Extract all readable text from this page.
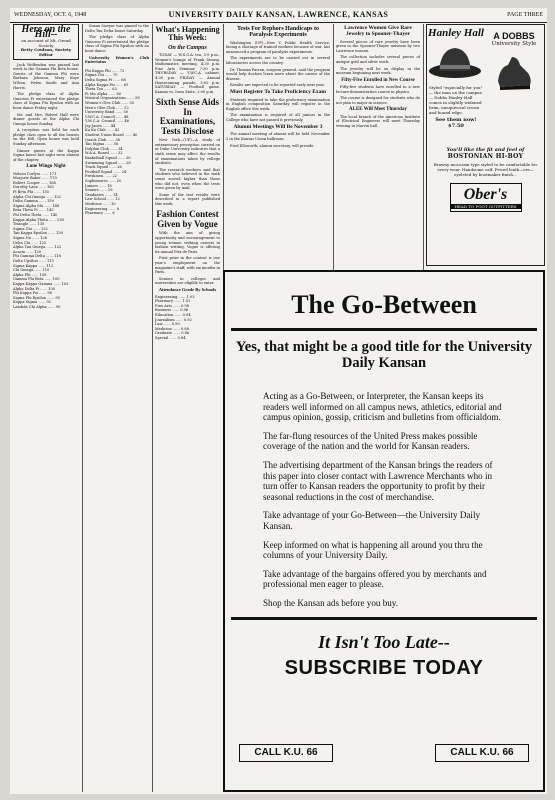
WEDNESDAY, OCT. 6, 1948	UNIVERSITY DAILY KANSAN, LAWRENCE, KANSAS	PAGE THREE
Here on the Hill--
on account of Mt. Oread Society
Betty Coulson, Society Editor

Jack Wolfenden was pinned last week to the Gamma Phi Beta house. Guests of the Gamma Phi were Barbara Johnson, Mary Kaye Wilson, Helen Smith and Ann Harris.

The pledge class of Alpha Omicron Pi entertained the pledge class of Sigma Phi Epsilon with an hour dance Friday night.

Mr. and Mrs. Robert Hall were dinner guests at the Alpha Chi Omega house Sunday.

A reception was held for each pledge class open to all the houses on the Hill. Open house was held Sunday afternoon.

Dinner guests at the Kappa Sigma house last night were alumni of the chapter.

Lone Wingo Night
Nelson Corlyss ...... 171
Marjorie Baker ...... 170
Robert Cooper ...... 168
Dorothy Lane ...... 165
Pi Beta Phi ...... 155
Alpha Chi Omega ...... 152
Delta Gamma ...... 150
Sigma Alpha Mu ...... 148
Beta Theta Pi ...... 145
Phi Delta Theta ...... 140
Kappa Alpha Theta ...... 138
Triangle ...... 135
Sigma Chi ...... 132
Tau Kappa Epsilon ...... 130
Sigma Nu ...... 128
Delta Chi ...... 125
Alpha Tau Omega ...... 122
Acacia ...... 120
Phi Gamma Delta ...... 118
Delta Upsilon ...... 115
Sigma Kappa ...... 112
Chi Omega ...... 110
Alpha Phi ...... 108
Gamma Phi Beta ...... 105
Kappa Kappa Gamma ...... 102
Alpha Delta Pi ...... 100
Phi Kappa Psi ...... 98
Sigma Phi Epsilon ...... 95
Kappa Sigma ...... 92
Lambda Chi Alpha ...... 90

Susan Sawyer was pinned to the Delta Tau Delta house Saturday.

The pledge class of Alpha Omicron Pi entertained the pledge class of Sigma Phi Epsilon with an hour dance.

University Women's Club Entertains

Phi Kappa Phi ...... 72
Sigma Chi ...... 70
Delta Sigma Pi ...... 68
Alpha Kappa Psi ...... 65
Theta Tau ...... 63
Pi Mu Alpha ...... 60
Musical Organizations ...... 58
Women's Glee Club ...... 55
Men's Glee Club ...... 52
University Band ...... 50
Y.W.C.A. Council ...... 48
Y.M.C.A. Council ...... 46
Jay Janes ...... 44
Ku Ku Club ...... 42
Student Union Board ...... 40
Quack Club ...... 38
Tau Sigma ...... 36
Dolphin Club ...... 34
W.A.A. Board ...... 32
Basketball Squad ...... 30
Swimming Squad ...... 28
Track Squad ...... 26
Football Squad ...... 24
Freshmen ...... 22
Sophomores ...... 20
Juniors ...... 18
Seniors ...... 16
Graduates ...... 14
Law School ...... 12
Medicine ...... 10
Engineering ...... 8
Pharmacy ...... 6
What's Happening This Week:
On the Campus

TODAY — W.S.G.A. tea, 3-5 p.m., Women's lounge of Frank Strong. Mathematics meeting, 4:30 p.m. Fine Arts Seminar, 7:30 p.m. THURSDAY — Y.W.C.A. cabinet, 4:30 p.m. FRIDAY — Annual Homecoming parade, 3:00 p.m. SATURDAY — Football game, Kansas vs. Iowa State, 2:00 p.m.

Sixth Sense Aids In Examinations, Tests Disclose

New York—(UP)—A study of extrasensory perception carried on at Duke University indicates that a sixth sense may affect the results of examinations taken by college students.

The research workers said that students who believed in the sixth sense scored higher than those who did not, even when the tests were given by mail.

Some of the test results were described in a report published this week.

Fashion Contest Given by Vogue

With the aim of giving opportunity and encouragement to young women seeking careers in fashion writing, Vogue is offering its annual Prix de Paris.

First prize in the contest is one year's employment on the magazine's staff, with six months in Paris.

Seniors in colleges and universities are eligible to enter.

Attendance Grade By Schools
Engineering ...... 1.03
Pharmacy ...... 1.01
Fine Arts ...... 0.98
Business ...... 0.96
Education ...... 0.94
Journalism ...... 0.92
Law ...... 0.90
Medicine ...... 0.88
Graduate ...... 0.86
Special ...... 0.84
Tests For Rephors Handicaps to Paralysis Experiments

Washington (UP)—New Y. Public Health Service, facing a shortage of trained workers because of war, has announced a program of paralysis experiments.

The experiments are to be carried out in several laboratories across the country.

Dr. Thomas Parran, surgeon general, said the program would help doctors learn more about the causes of the disease.

Results are expected to be reported early next year.

Must Register To Take Proficiency Exam

Students required to take the proficiency examination in English composition Saturday will register in the English office this week.

The examination is required of all juniors in the College who have not passed it previously.

Alumni Meetings Will Be November 3

The annual meeting of alumni will be held November 3 in the Kansas Union ballroom.

Fred Ellsworth, alumni secretary, will preside.

Lawrence Women Give Rare Jewelry to Spooner-Thayer

Several pieces of rare jewelry have been given to the Spooner-Thayer museum by two Lawrence women.

The collection includes several pieces of antique gold and silver work.

The jewelry will be on display in the museum beginning next week.

Fifty-Five Enrolled in New Course

Fifty-five students have enrolled in a new lecture-demonstration course in physics.

The course is designed for students who do not plan to major in science.

ALEE Will Meet Thursday

The local branch of the American Institute of Electrical Engineers will meet Thursday evening in Marvin hall.

Hanley Hall
Styled "especially for you" — the man on the campus — Dobbs Hanley Hall comes in slightly widened brim, unequivocal crown and bound edge.
See them now! $7.50
A DOBBS
University Style
You'll like the fit and feel of
BOSTONIAN HI-BOY
Brawny moccasin type styled to be comfortable for every wear. Handsome calf. Priced leath—ers—eyeleted by bootmaker finish...
Ober's
HEAD TO FOOT OUTFITTERS
The Go-Between
Yes, that might be a good title for the University Daily Kansan

Acting as a Go-Between, or Interpreter, the Kansan keeps its readers well informed on all campus news, athletics, editorial and campus opinion, gossip, criticism and bulletins from officialdom.

The far-flung resources of the United Press makes possible coverage of the nation and the world for Kansan readers.

The advertising department of the Kansan brings the readers of this paper into closer contact with Lawrence Merchants who in turn offer to Kansan readers the opportunity to profit by their seasonal reductions in the cost of merchandise.

Take advantage of your Go-Between—the University Daily Kansan.

Keep informed on what is happening all around you thru the columns of your University Daily.

Take advantage of the bargains offered you by merchants and professional men eager to please.

Shop the Kansan ads before you buy.

It Isn't Too Late--
SUBSCRIBE TODAY
CALL K.U. 66	CALL K.U. 66
